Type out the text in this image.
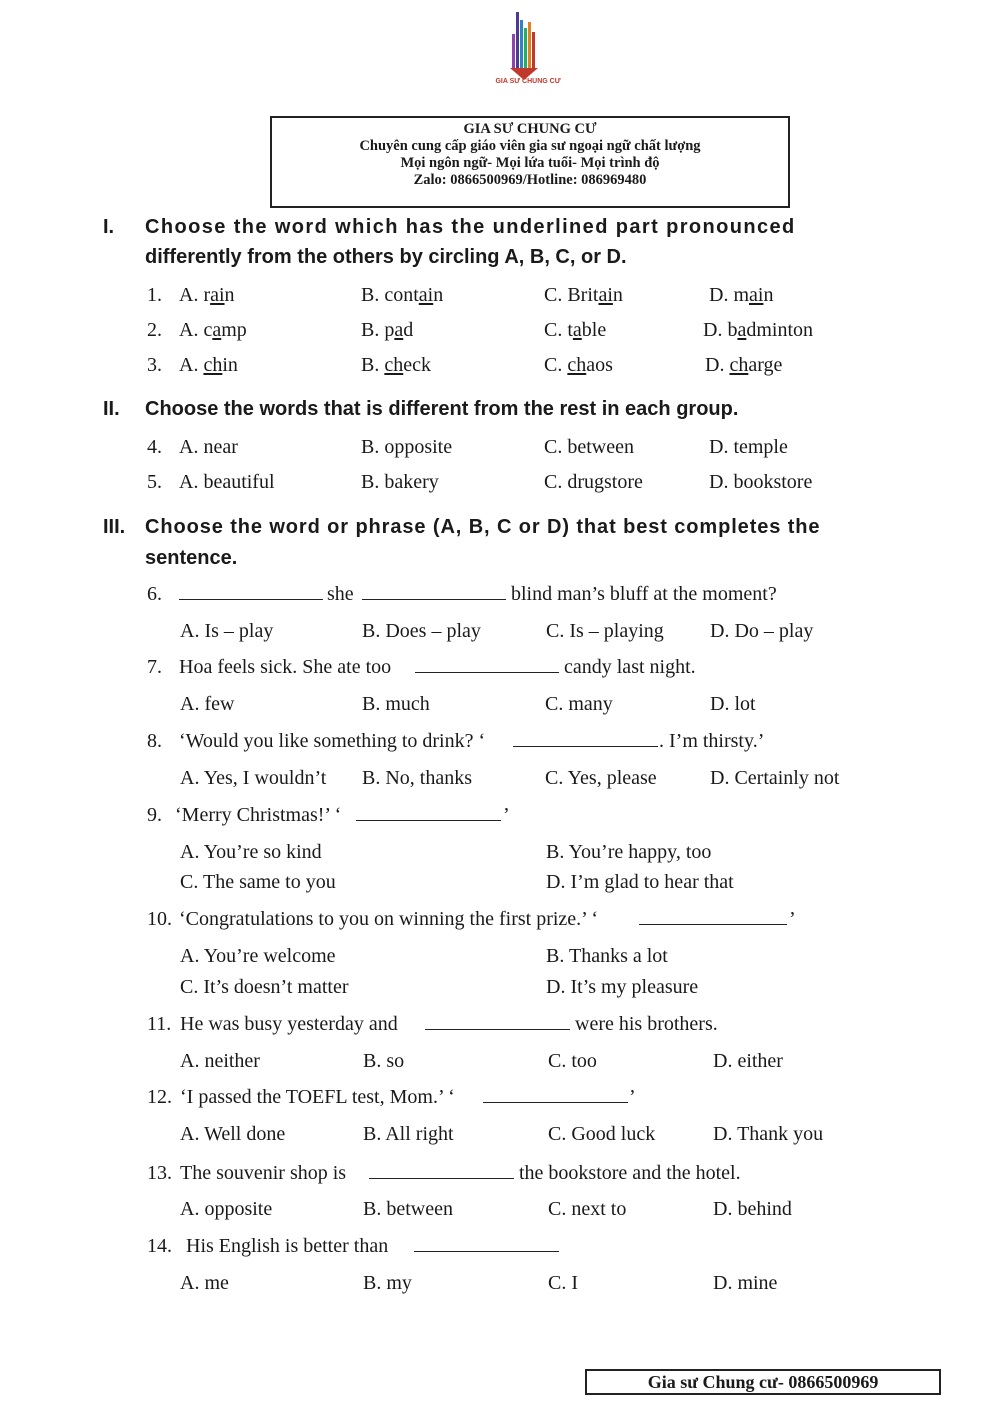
GIA SƯ CHUNG CƯ
GIA SƯ CHUNG CƯ
Chuyên cung cấp giáo viên gia sư ngoại ngữ chất lượng
Mọi ngôn ngữ- Mọi lứa tuổi- Mọi trình độ
Zalo: 0866500969/Hotline: 086969480
I. Choose the word which has the underlined part pronounced
differently from the others by circling A, B, C, or D.
1. A. rain	B. contain	C. Britain	D. main
2. A. camp	B. pad	C. table	D. badminton
3. A. chin	B. check	C. chaos	D. charge
II. Choose the words that is different from the rest in each group.
4. A. near	B. opposite	C. between	D. temple
5. A. beautiful	B. bakery	C. drugstore	D. bookstore
III. Choose the word or phrase (A, B, C or D) that best completes the
sentence.
6.	she	blind man’s bluff at the moment?
A. Is – play	B. Does – play	C. Is – playing D. Do – play
7. Hoa feels sick. She ate too	candy last night.
A. few	B. much	C. many	D. lot
8. ‘Would you like something to drink? ‘	. I’m thirsty.’
A. Yes, I wouldn’t B. No, thanks	C. Yes, please	D. Certainly not
9. ‘Merry Christmas!’ ‘	’
A. You’re so kind	B. You’re happy, too
C. The same to you	D. I’m glad to hear that
10. ‘Congratulations to you on winning the first prize.’ ‘	’
A. You’re welcome	B. Thanks a lot
C. It’s doesn’t matter	D. It’s my pleasure
11. He was busy yesterday and	were his brothers.
A. neither	B. so	C. too	D. either
12. ‘I passed the TOEFL test, Mom.’ ‘	’
A. Well done	B. All right	C. Good luck	D. Thank you
13. The souvenir shop is	the bookstore and the hotel.
A. opposite	B. between	C. next to	D. behind
14. His English is better than
A. me	B. my	C. I	D. mine
Gia sư Chung cư- 0866500969
